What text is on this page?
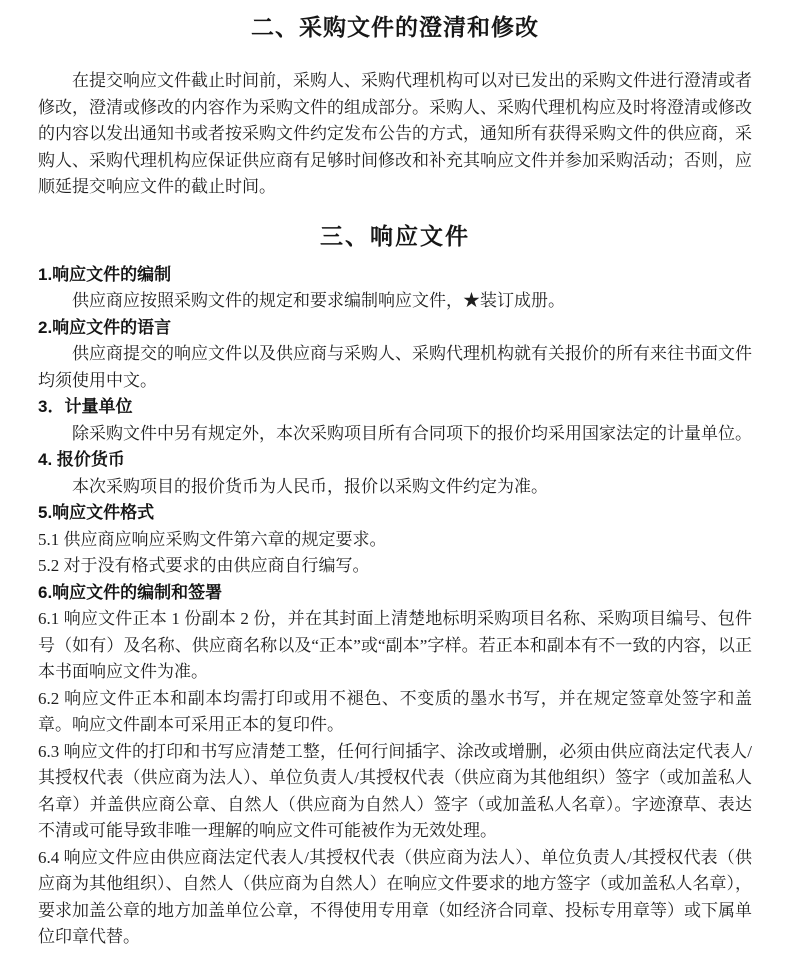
二、采购文件的澄清和修改

在提交响应文件截止时间前，采购人、采购代理机构可以对已发出的采购文件进行澄清或者修改，澄清或修改的内容作为采购文件的组成部分。采购人、采购代理机构应及时将澄清或修改的内容以发出通知书或者按采购文件约定发布公告的方式，通知所有获得采购文件的供应商，采购人、采购代理机构应保证供应商有足够时间修改和补充其响应文件并参加采购活动；否则，应顺延提交响应文件的截止时间。

三、响应文件

1.响应文件的编制

供应商应按照采购文件的规定和要求编制响应文件，★装订成册。

2.响应文件的语言

供应商提交的响应文件以及供应商与采购人、采购代理机构就有关报价的所有来往书面文件均须使用中文。

3．计量单位

除采购文件中另有规定外，本次采购项目所有合同项下的报价均采用国家法定的计量单位。

4. 报价货币

本次采购项目的报价货币为人民币，报价以采购文件约定为准。

5.响应文件格式

5.1 供应商应响应采购文件第六章的规定要求。

5.2 对于没有格式要求的由供应商自行编写。

6.响应文件的编制和签署

6.1 响应文件正本 1 份副本 2 份，并在其封面上清楚地标明采购项目名称、采购项目编号、包件号（如有）及名称、供应商名称以及“正本”或“副本”字样。若正本和副本有不一致的内容，以正本书面响应文件为准。

6.2 响应文件正本和副本均需打印或用不褪色、不变质的墨水书写，并在规定签章处签字和盖章。响应文件副本可采用正本的复印件。

6.3 响应文件的打印和书写应清楚工整，任何行间插字、涂改或增删，必须由供应商法定代表人/其授权代表（供应商为法人）、单位负责人/其授权代表（供应商为其他组织）签字（或加盖私人名章）并盖供应商公章、自然人（供应商为自然人）签字（或加盖私人名章）。字迹潦草、表达不清或可能导致非唯一理解的响应文件可能被作为无效处理。

6.4 响应文件应由供应商法定代表人/其授权代表（供应商为法人）、单位负责人/其授权代表（供应商为其他组织）、自然人（供应商为自然人）在响应文件要求的地方签字（或加盖私人名章），要求加盖公章的地方加盖单位公章，不得使用专用章（如经济合同章、投标专用章等）或下属单位印章代替。
